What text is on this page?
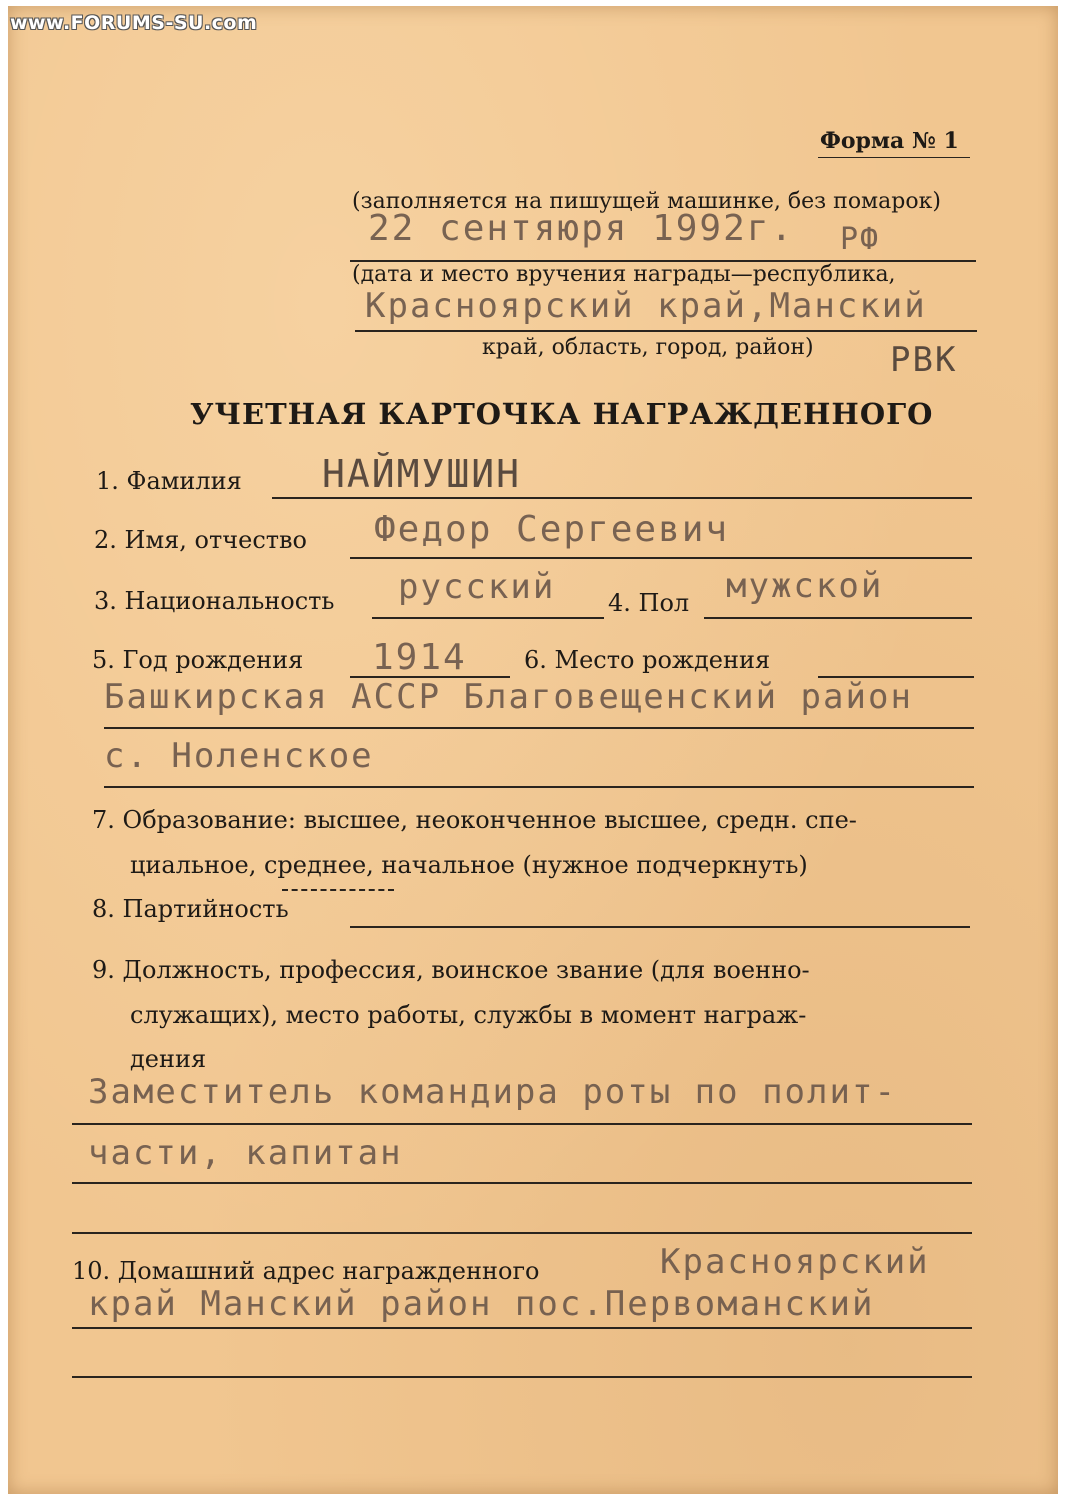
www.FORUMS-SU.com
Форма № 1
(заполняется на пишущей машинке, без помарок)
22 сентяюря 1992г. РФ
(дата и место вручения награды—республика,
Красноярский край,Манский
край, область, город, район) РВК
УЧЕТНАЯ КАРТОЧКА НАГРАЖДЕННОГО
1. Фамилия НАЙМУШИН
2. Имя, отчество Федор Сергеевич
3. Национальность русский 4. Пол мужской
5. Год рождения 1914 6. Место рождения
Башкирская АССР Благовещенский район
с. Ноленское
7. Образование: высшее, неоконченное высшее, средн. спе-
циальное, среднее, начальное (нужное подчеркнуть)
8. Партийность
9. Должность, профессия, воинское звание (для военно-
служащих), место работы, службы в момент награж-
дения
Заместитель командира роты по полит-
части, капитан
10. Домашний адрес награжденного	Красноярский
край Манский район пос.Первоманский
